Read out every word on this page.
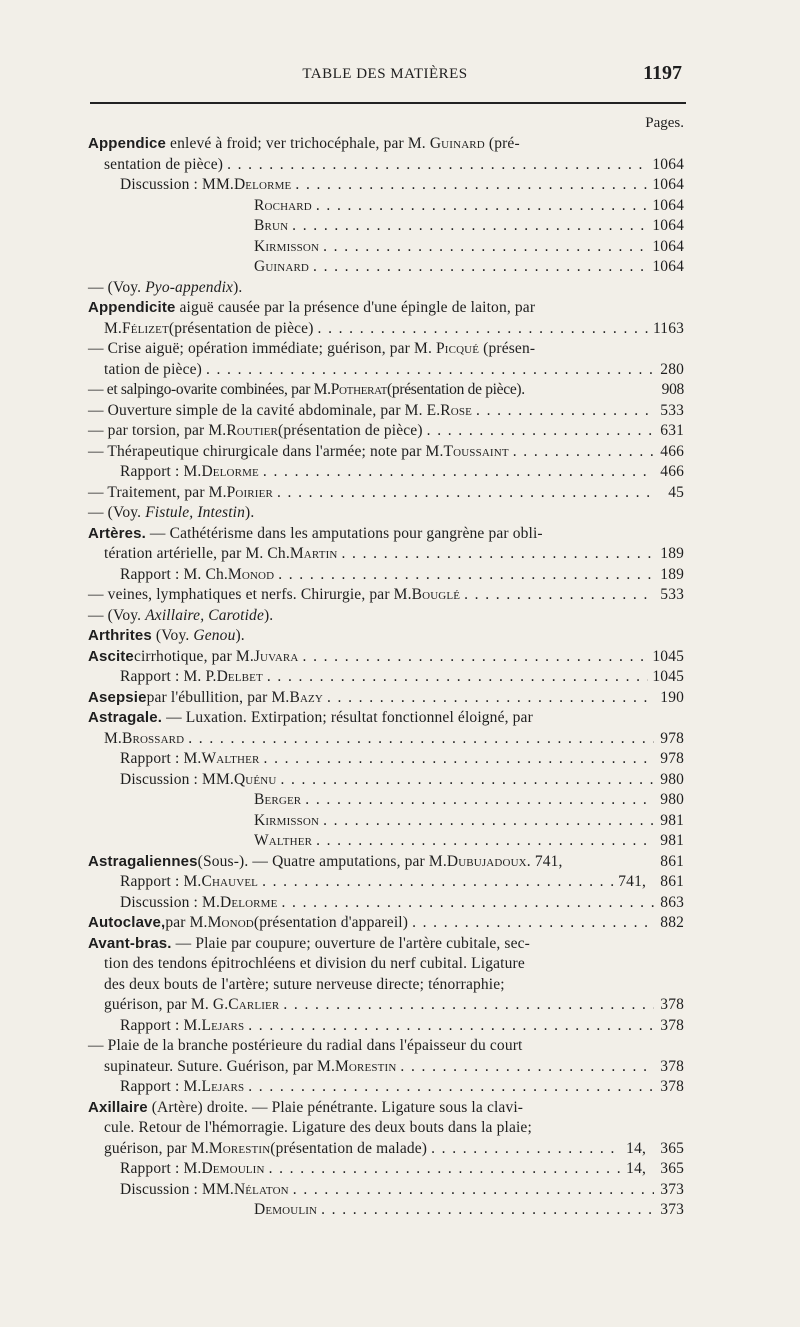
TABLE DES MATIÈRES	1197
Pages.
Appendice enlevé à froid; ver trichocéphale, par M. Guinard (pré-
sentation de pièce) . . .	1064
Discussion : MM. Delorme . . .	1064
Rochard . . .	1064
Brun . . .	1064
Kirmisson . . .	1064
Guinard . . .	1064
— (Voy. Pyo-appendix).
Appendicite aiguë causée par la présence d'une épingle de laiton, par
M. Félizet (présentation de pièce) . . .	1163
— Crise aiguë; opération immédiate; guérison, par M. Picqué (présen-
tation de pièce) . . .	280
— et salpingo-ovarite combinées, par M. Potherat (présentation de pièce).	908
— Ouverture simple de la cavité abdominale, par M. E. Rose . . .	533
— par torsion, par M. Routier (présentation de pièce) . . .	631
— Thérapeutique chirurgicale dans l'armée; note par M. Toussaint . . .	466
Rapport : M. Delorme . . .	466
— Traitement, par M. Poirier . . .	45
— (Voy. Fistule, Intestin).
Artères. — Cathétérisme dans les amputations pour gangrène par obli-
tération artérielle, par M. Ch. Martin . . .	189
Rapport : M. Ch. Monod . . .	189
— veines, lymphatiques et nerfs. Chirurgie, par M. Bouglé . . .	533
— (Voy. Axillaire, Carotide).
Arthrites (Voy. Genou).
Ascite cirrhotique, par M. Juvara . . .	1045
Rapport : M. P. Delbet . . .	1045
Asepsie par l'ébullition, par M. Bazy . . .	190
Astragale. — Luxation. Extirpation; résultat fonctionnel éloigné, par
M. Brossard . . .	978
Rapport : M. Walther . . .	978
Discussion : MM. Quénu . . .	980
Berger . . .	980
Kirmisson . . .	981
Walther . . .	981
Astragaliennes (Sous-). — Quatre amputations, par M. Dubujadoux . 741,	861
Rapport : M. Chauvel . . .	741, 861
Discussion : M. Delorme . . .	863
Autoclave, par M. Monod (présentation d'appareil) . . .	882
Avant-bras. — Plaie par coupure; ouverture de l'artère cubitale, sec-
tion des tendons épitrochléens et division du nerf cubital. Ligature
des deux bouts de l'artère; suture nerveuse directe; ténorraphie;
guérison, par M. G. Carlier . . .	378
Rapport : M. Lejars . . .	378
— Plaie de la branche postérieure du radial dans l'épaisseur du court
supinateur. Suture. Guérison, par M. Morestin . . .	378
Rapport : M. Lejars . . .	378
Axillaire (Artère) droite. — Plaie pénétrante. Ligature sous la clavi-
cule. Retour de l'hémorragie. Ligature des deux bouts dans la plaie;
guérison, par M. Morestin (présentation de malade) . . .	14, 365
Rapport : M. Demoulin . . .	14, 365
Discussion : MM. Nélaton . . .	373
Demoulin . . .	373
